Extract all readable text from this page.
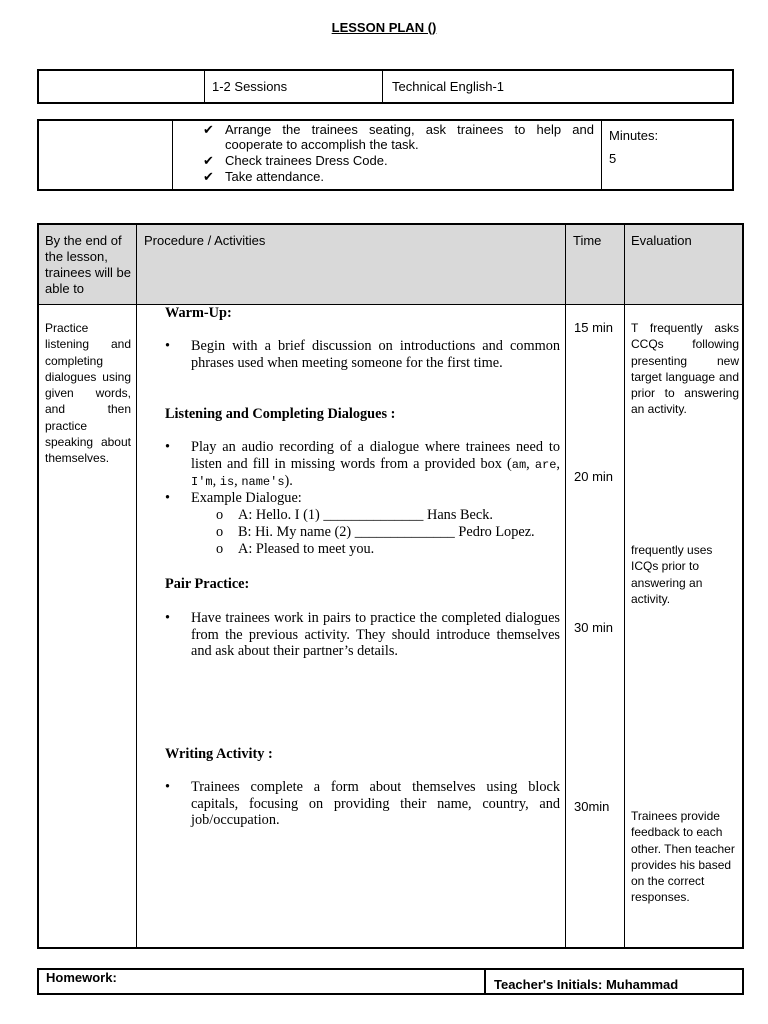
LESSON PLAN ()
1-2 Sessions	Technical English-1
✔ Arrange the trainees seating, ask trainees to help and cooperate to accomplish the task.
✔ Check trainees Dress Code.
✔ Take attendance.
Minutes:
5
By the end of the lesson, trainees will be able to
Procedure / Activities	Time Evaluation
Practice listening and completing dialogues using given words, and then practice speaking about themselves.
Warm-Up:
• Begin with a brief discussion on introductions and common phrases used when meeting someone for the first time.
Listening and Completing Dialogues :
• Play an audio recording of a dialogue where trainees need to listen and fill in missing words from a provided box (am, are, I'm, is, name's).
• Example Dialogue:
o A: Hello. I (1) ______________ Hans Beck.
o B: Hi. My name (2) ______________ Pedro Lopez.
o A: Pleased to meet you.
Pair Practice:
• Have trainees work in pairs to practice the completed dialogues from the previous activity. They should introduce themselves and ask about their partner’s details.
Writing Activity :
• Trainees complete a form about themselves using block capitals, focusing on providing their name, country, and job/occupation.
15 min
20 min
30 min
30min
T frequently asks CCQs following presenting new target language and prior to answering an activity.
frequently uses ICQs prior to answering an activity.
Trainees provide feedback to each other. Then teacher provides his based on the correct responses.
Homework:	Teacher's Initials: Muhammad
